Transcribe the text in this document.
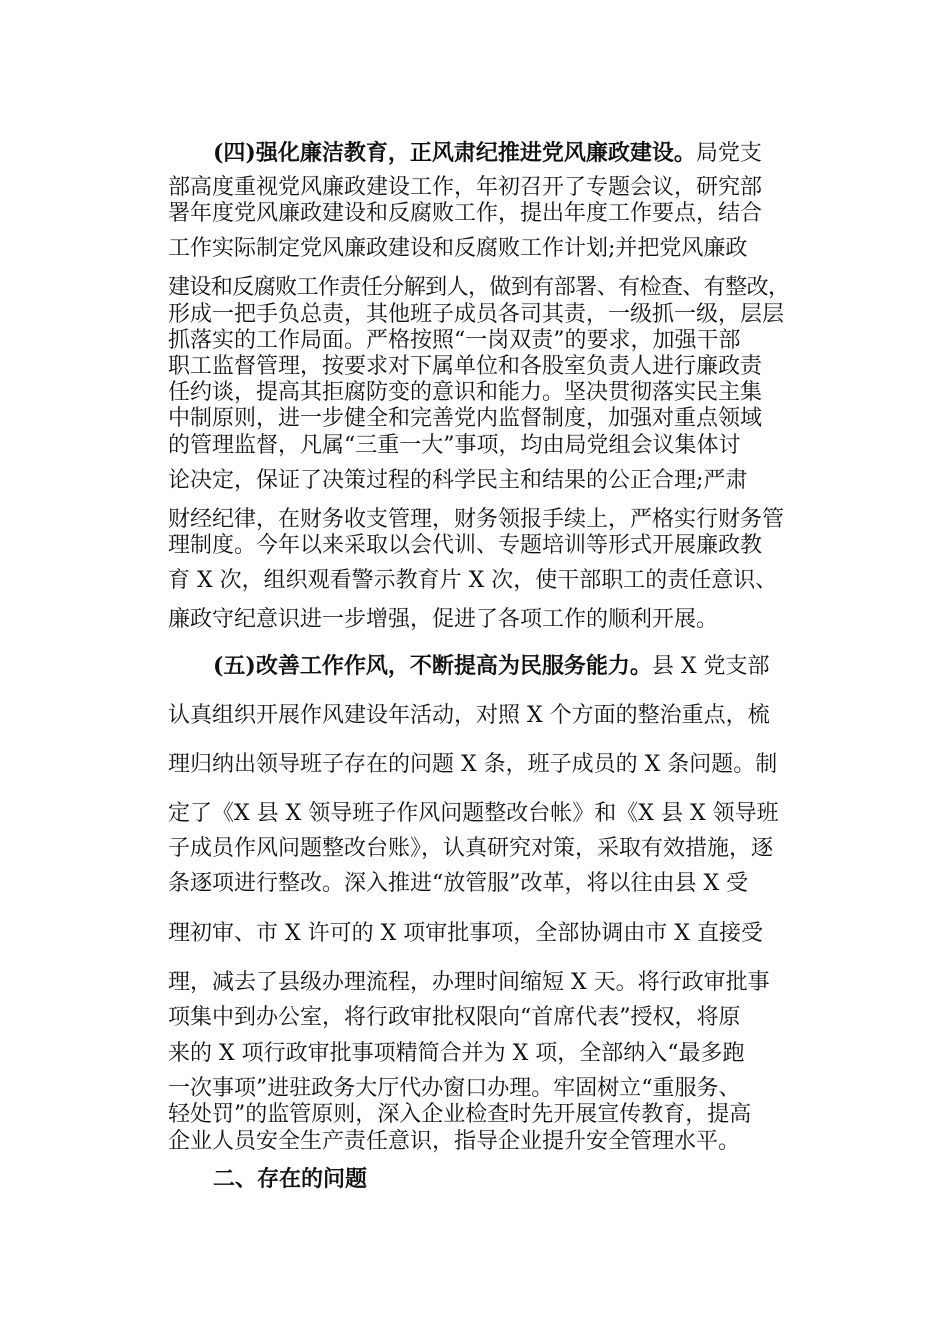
(四)强化廉洁教育，正风肃纪推进党风廉政建设。局党支
部高度重视党风廉政建设工作，年初召开了专题会议，研究部
署年度党风廉政建设和反腐败工作，提出年度工作要点，结合
工作实际制定党风廉政建设和反腐败工作计划;并把党风廉政
建设和反腐败工作责任分解到人，做到有部署、有检查、有整改，
形成一把手负总责，其他班子成员各司其责，一级抓一级，层层
抓落实的工作局面。严格按照“一岗双责”的要求，加强干部
职工监督管理，按要求对下属单位和各股室负责人进行廉政责
任约谈，提高其拒腐防变的意识和能力。坚决贯彻落实民主集
中制原则，进一步健全和完善党内监督制度，加强对重点领域
的管理监督，凡属“三重一大”事项，均由局党组会议集体讨
论决定，保证了决策过程的科学民主和结果的公正合理;严肃
财经纪律，在财务收支管理，财务领报手续上，严格实行财务管
理制度。今年以来采取以会代训、专题培训等形式开展廉政教
育 X 次，组织观看警示教育片 X 次，使干部职工的责任意识、
廉政守纪意识进一步增强，促进了各项工作的顺利开展。
(五)改善工作作风，不断提高为民服务能力。县 X 党支部
认真组织开展作风建设年活动，对照 X 个方面的整治重点，梳
理归纳出领导班子存在的问题 X 条，班子成员的 X 条问题。制
定了《X 县 X 领导班子作风问题整改台帐》和《X 县 X 领导班
子成员作风问题整改台账》，认真研究对策，采取有效措施，逐
条逐项进行整改。深入推进“放管服”改革，将以往由县 X 受
理初审、市 X 许可的 X 项审批事项，全部协调由市 X 直接受
理，减去了县级办理流程，办理时间缩短 X 天。将行政审批事
项集中到办公室，将行政审批权限向“首席代表”授权，将原
来的 X 项行政审批事项精简合并为 X 项，全部纳入“最多跑
一次事项”进驻政务大厅代办窗口办理。牢固树立“重服务、
轻处罚”的监管原则，深入企业检查时先开展宣传教育，提高
企业人员安全生产责任意识，指导企业提升安全管理水平。
二、存在的问题
